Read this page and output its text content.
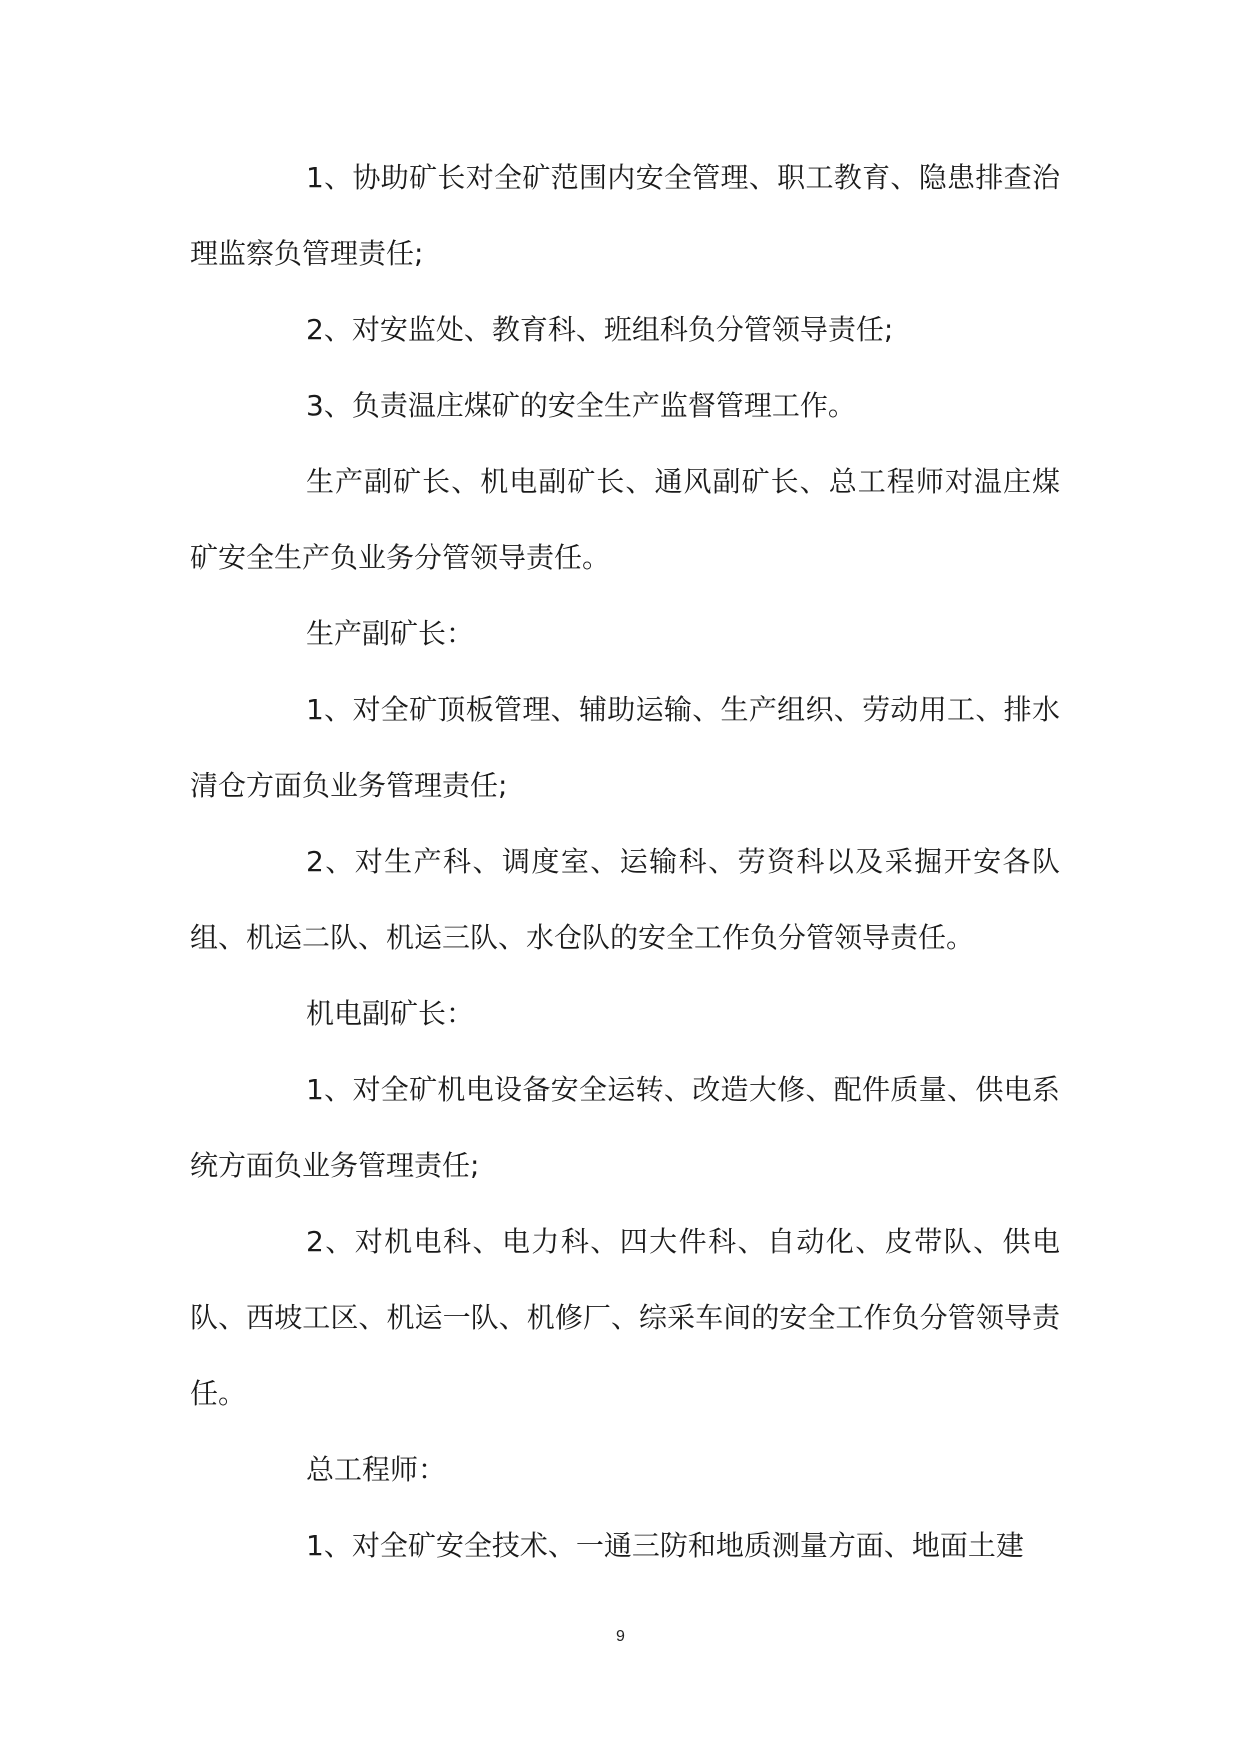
1、协助矿长对全矿范围内安全管理、职工教育、隐患排查治理监察负管理责任;

2、对安监处、教育科、班组科负分管领导责任;

3、负责温庄煤矿的安全生产监督管理工作。

生产副矿长、机电副矿长、通风副矿长、总工程师对温庄煤矿安全生产负业务分管领导责任。

生产副矿长：

1、对全矿顶板管理、辅助运输、生产组织、劳动用工、排水清仓方面负业务管理责任;

2、对生产科、调度室、运输科、劳资科以及采掘开安各队组、机运二队、机运三队、水仓队的安全工作负分管领导责任。

机电副矿长：

1、对全矿机电设备安全运转、改造大修、配件质量、供电系统方面负业务管理责任;

2、对机电科、电力科、四大件科、自动化、皮带队、供电队、西坡工区、机运一队、机修厂、综采车间的安全工作负分管领导责任。

总工程师：

1、对全矿安全技术、一通三防和地质测量方面、地面土建

9
